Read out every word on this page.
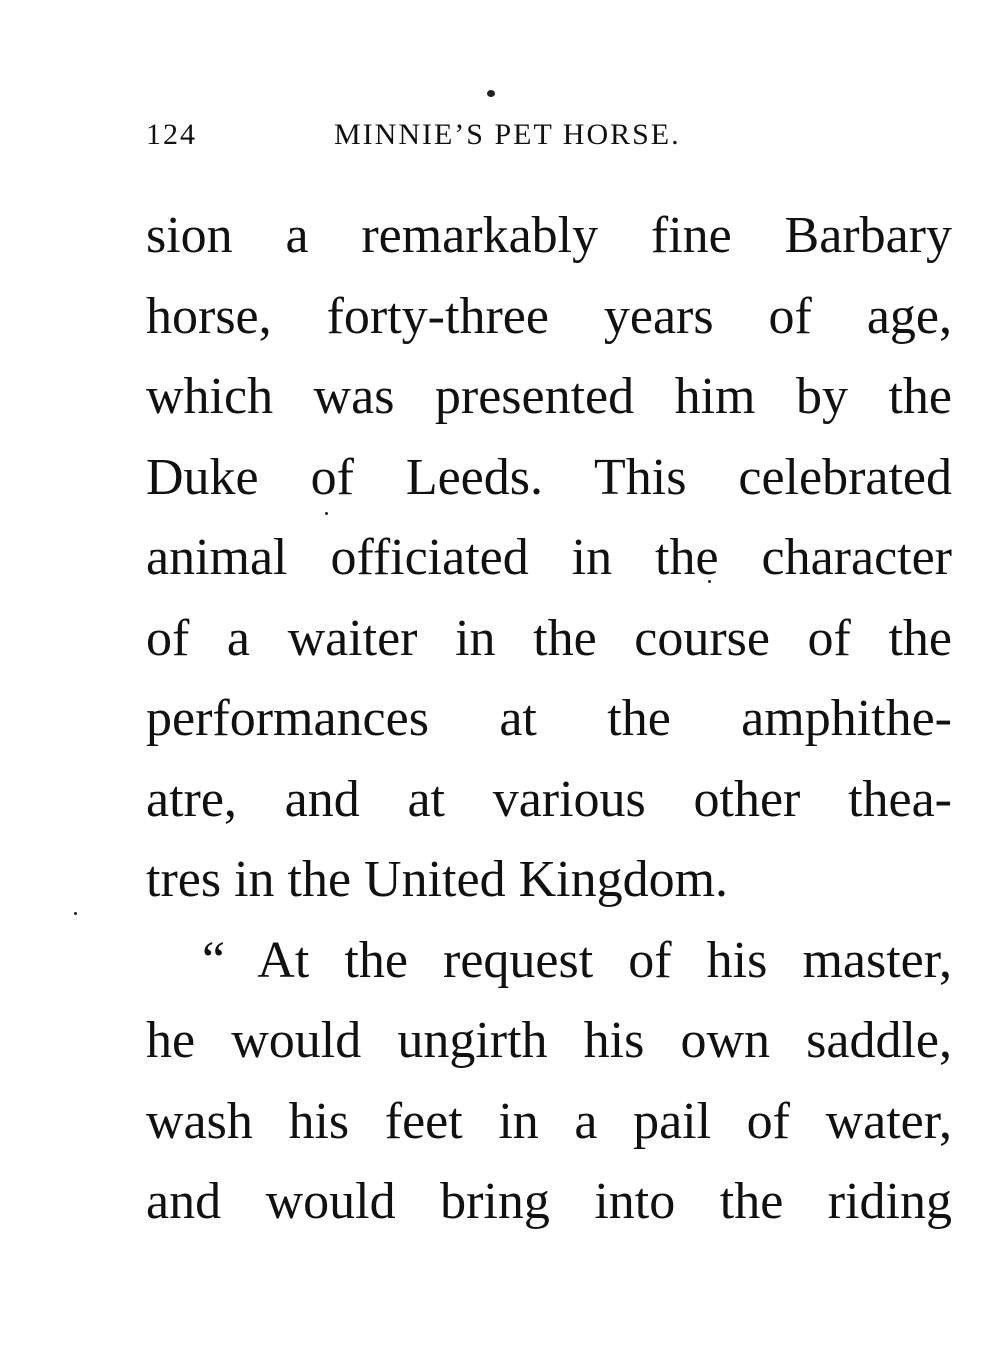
124	MINNIE’S PET HORSE.
sion a remarkably fine Barbary
horse, forty-three years of age,
which was presented him by the
Duke of Leeds. This celebrated
animal officiated in the character
of a waiter in the course of the
performances at the amphithe-
atre, and at various other thea-
tres in the United Kingdom.
“ At the request of his master,
he would ungirth his own saddle,
wash his feet in a pail of water,
and would bring into the riding
